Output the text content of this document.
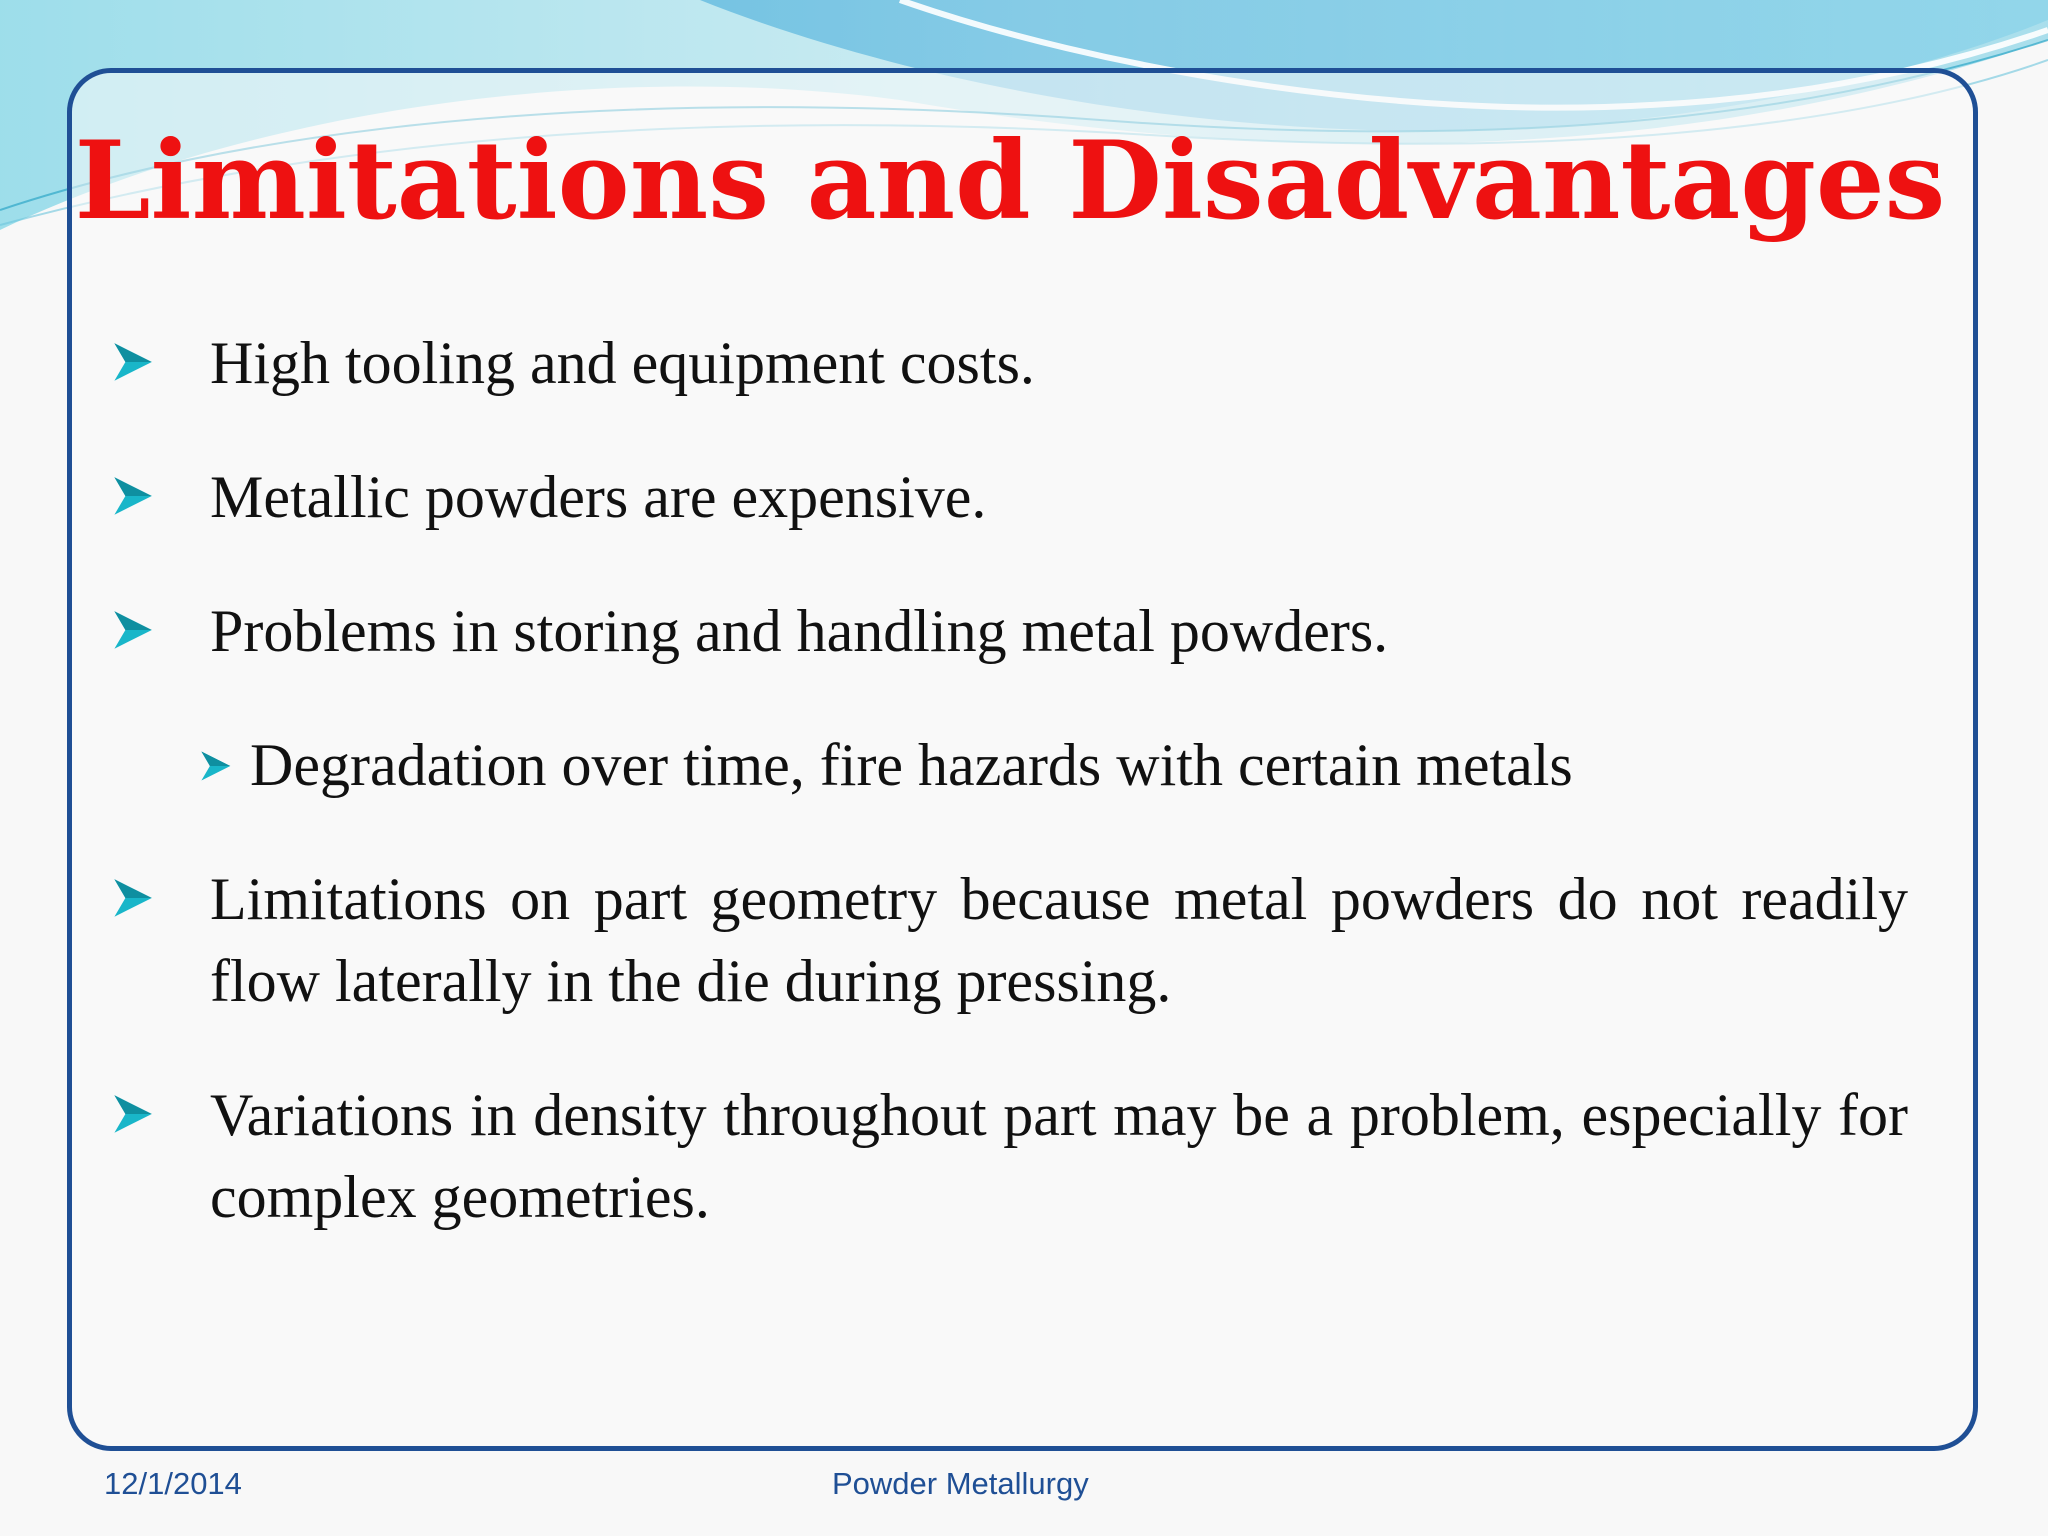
Limitations and Disadvantages
High tooling and equipment costs.
Metallic powders are expensive.
Problems in storing and handling metal powders.
Degradation over time, fire hazards with certain metals
Limitations on part geometry because metal powders do not readily flow laterally in the die during pressing.
Variations in density throughout part may be a problem, especially for complex geometries.
12/1/2014	Powder Metallurgy
